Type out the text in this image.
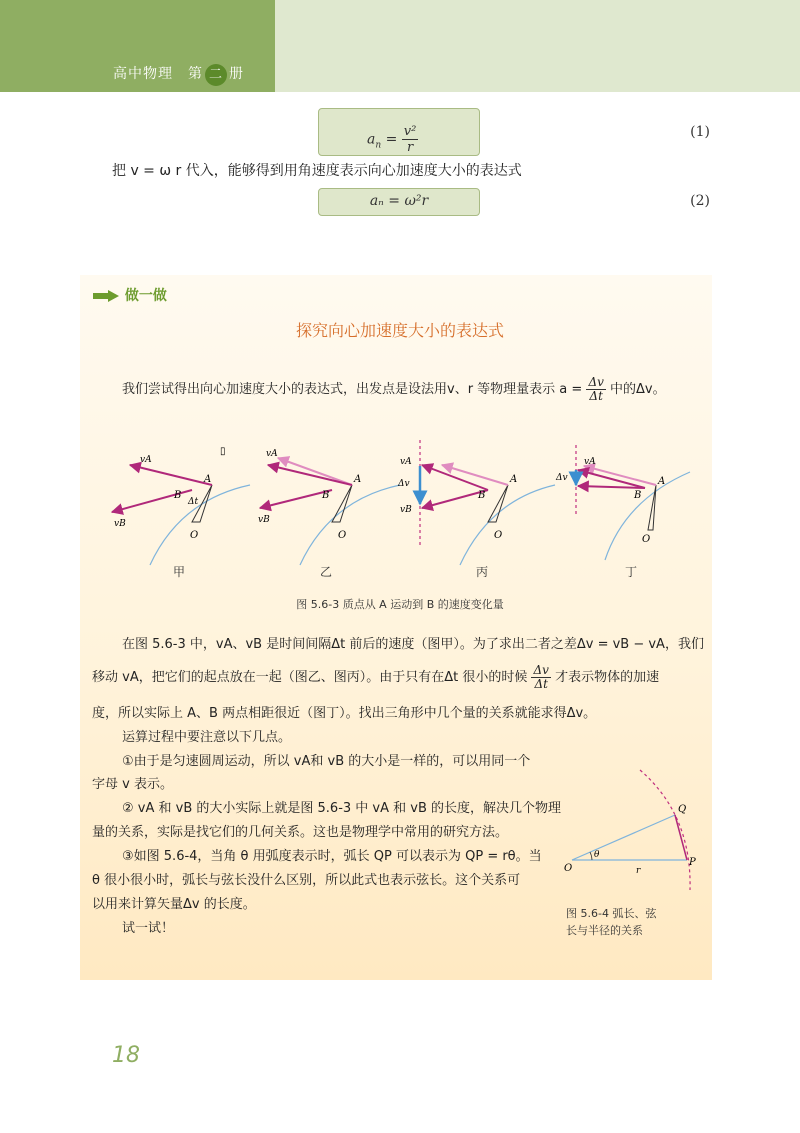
高中物理　第 二 册
$a_n = \frac{\text{v²}}{r}$	(1)
把 v = ω r 代入，能够得到用角速度表示向心加速度大小的表达式
aₙ = ω²r	(2)
做一做
探究向心加速度大小的表达式
我们尝试得出向心加速度大小的表达式，出发点是设法用v、r 等物理量表示 $a = \frac{\Delta v}{\Delta t}$ 中的Δv。
vA
vB
A
B
Δt
O
▯	vA
vB
A
B
O
vA
Δv
vB
A
B
O
vA
Δv	A
B
O
甲	乙	丙	丁
图 5.6-3 质点从 A 运动到 B 的速度变化量
在图 5.6-3 中，vA、vB 是时间间隔Δt 前后的速度（图甲）。为了求出二者之差Δv = vB − vA，我们
移动 vA，把它们的起点放在一起（图乙、图丙）。由于只有在Δt 很小的时候 $\frac{\Delta v}{\Delta t}$ 才表示物体的加速
度，所以实际上 A、B 两点相距很近（图丁）。找出三角形中几个量的关系就能求得Δv。
运算过程中要注意以下几点。
①由于是匀速圆周运动，所以 vA和 vB 的大小是一样的，可以用同一个
字母 v 表示。
② vA 和 vB 的大小实际上就是图 5.6-3 中 vA 和 vB 的长度，解决几个物理
量的关系，实际是找它们的几何关系。这也是物理学中常用的研究方法。
③如图 5.6-4，当角 θ 用弧度表示时，弧长 QP 可以表示为 QP = rθ。当
θ 很小很小时，弧长与弦长没什么区别，所以此式也表示弦长。这个关系可
以用来计算矢量Δv 的长度。
试一试！
O
θ
r
Q
P
图 5.6-4 弧长、弦
长与半径的关系
18
